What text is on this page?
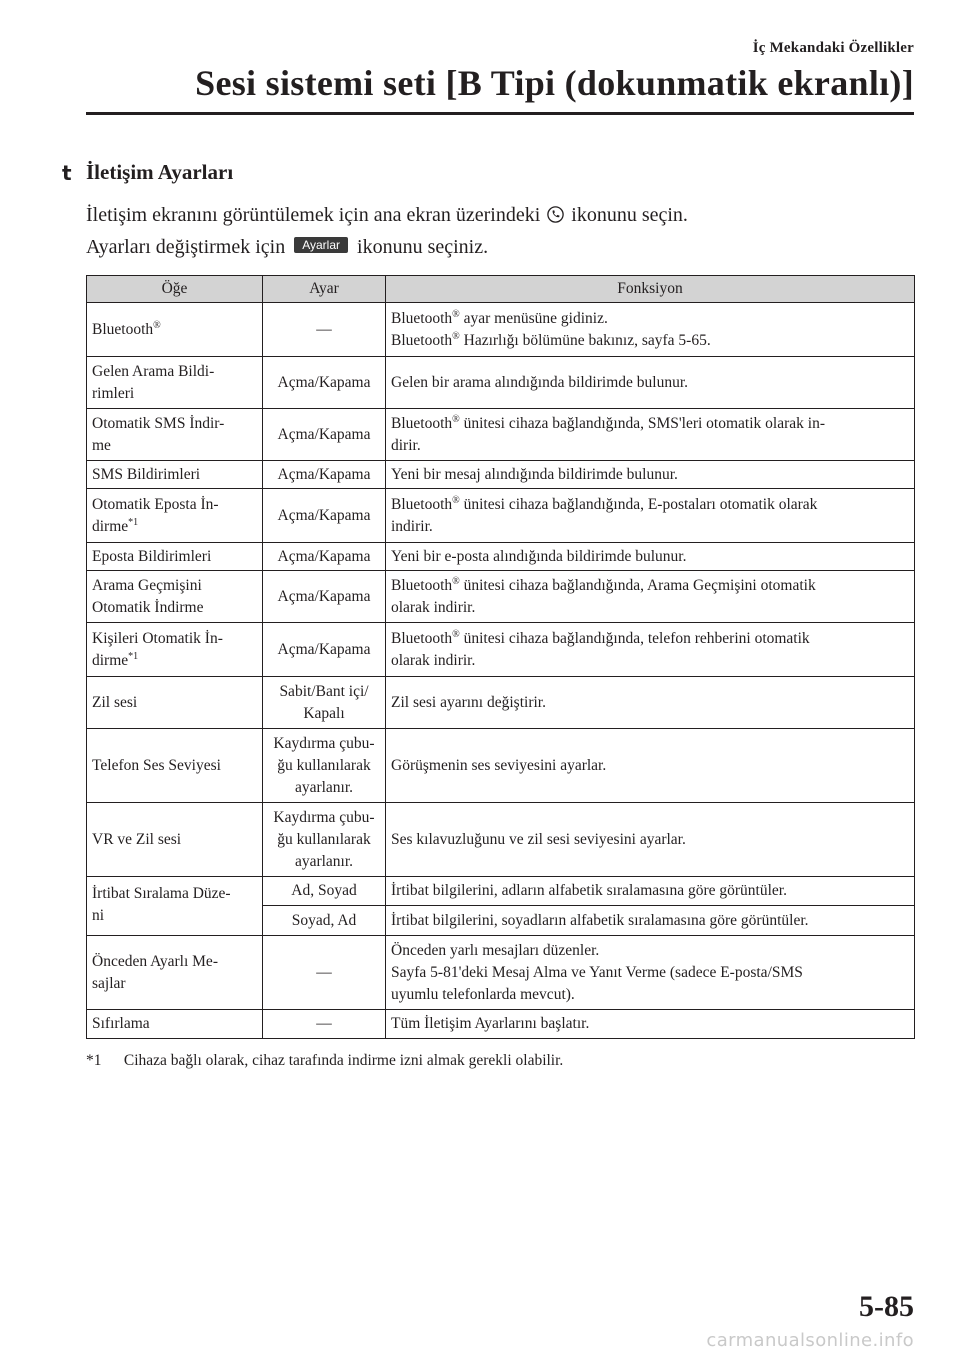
İç Mekandaki Özellikler
Sesi sistemi seti [B Tipi (dokunmatik ekranlı)]
t İletişim Ayarları
İletişim ekranını görüntülemek için ana ekran üzerindeki ikonunu seçin.
Ayarları değiştirmek için Ayarlar ikonunu seçiniz.
Öğe	Ayar	Fonksiyon
Bluetooth®	—	Bluetooth® ayar menüsüne gidiniz.
Bluetooth® Hazırlığı bölümüne bakınız, sayfa 5-65.
Gelen Arama Bildi-
rimleri	Açma/Kapama	Gelen bir arama alındığında bildirimde bulunur.
Otomatik SMS İndir-
me	Açma/Kapama	Bluetooth® ünitesi cihaza bağlandığında, SMS'leri otomatik olarak in-
dirir.
SMS Bildirimleri	Açma/Kapama	Yeni bir mesaj alındığında bildirimde bulunur.
Otomatik Eposta İn-
dirme$^{*1}$	Açma/Kapama	Bluetooth® ünitesi cihaza bağlandığında, E-postaları otomatik olarak
indirir.
Eposta Bildirimleri	Açma/Kapama	Yeni bir e-posta alındığında bildirimde bulunur.
Arama Geçmişini
Otomatik İndirme	Açma/Kapama	Bluetooth® ünitesi cihaza bağlandığında, Arama Geçmişini otomatik
olarak indirir.
Kişileri Otomatik İn-
dirme$^{*1}$	Açma/Kapama	Bluetooth® ünitesi cihaza bağlandığında, telefon rehberini otomatik
olarak indirir.
Zil sesi	Sabit/Bant içi/
Kapalı	Zil sesi ayarını değiştirir.
Telefon Ses Seviyesi	Kaydırma çubu-
ğu kullanılarak
ayarlanır.	Görüşmenin ses seviyesini ayarlar.
VR ve Zil sesi	Kaydırma çubu-
ğu kullanılarak
ayarlanır.	Ses kılavuzluğunu ve zil sesi seviyesini ayarlar.
İrtibat Sıralama Düze-
ni	Ad, Soyad	İrtibat bilgilerini, adların alfabetik sıralamasına göre görüntüler.
	Soyad, Ad	İrtibat bilgilerini, soyadların alfabetik sıralamasına göre görüntüler.
Önceden Ayarlı Me-
sajlar	—	Önceden yarlı mesajları düzenler.
Sayfa 5-81'deki Mesaj Alma ve Yanıt Verme (sadece E-posta/SMS
uyumlu telefonlarda mevcut).
Sıfırlama	—	Tüm İletişim Ayarlarını başlatır.
*1 Cihaza bağlı olarak, cihaz tarafında indirme izni almak gerekli olabilir.
5-85
carmanualsonline.info
